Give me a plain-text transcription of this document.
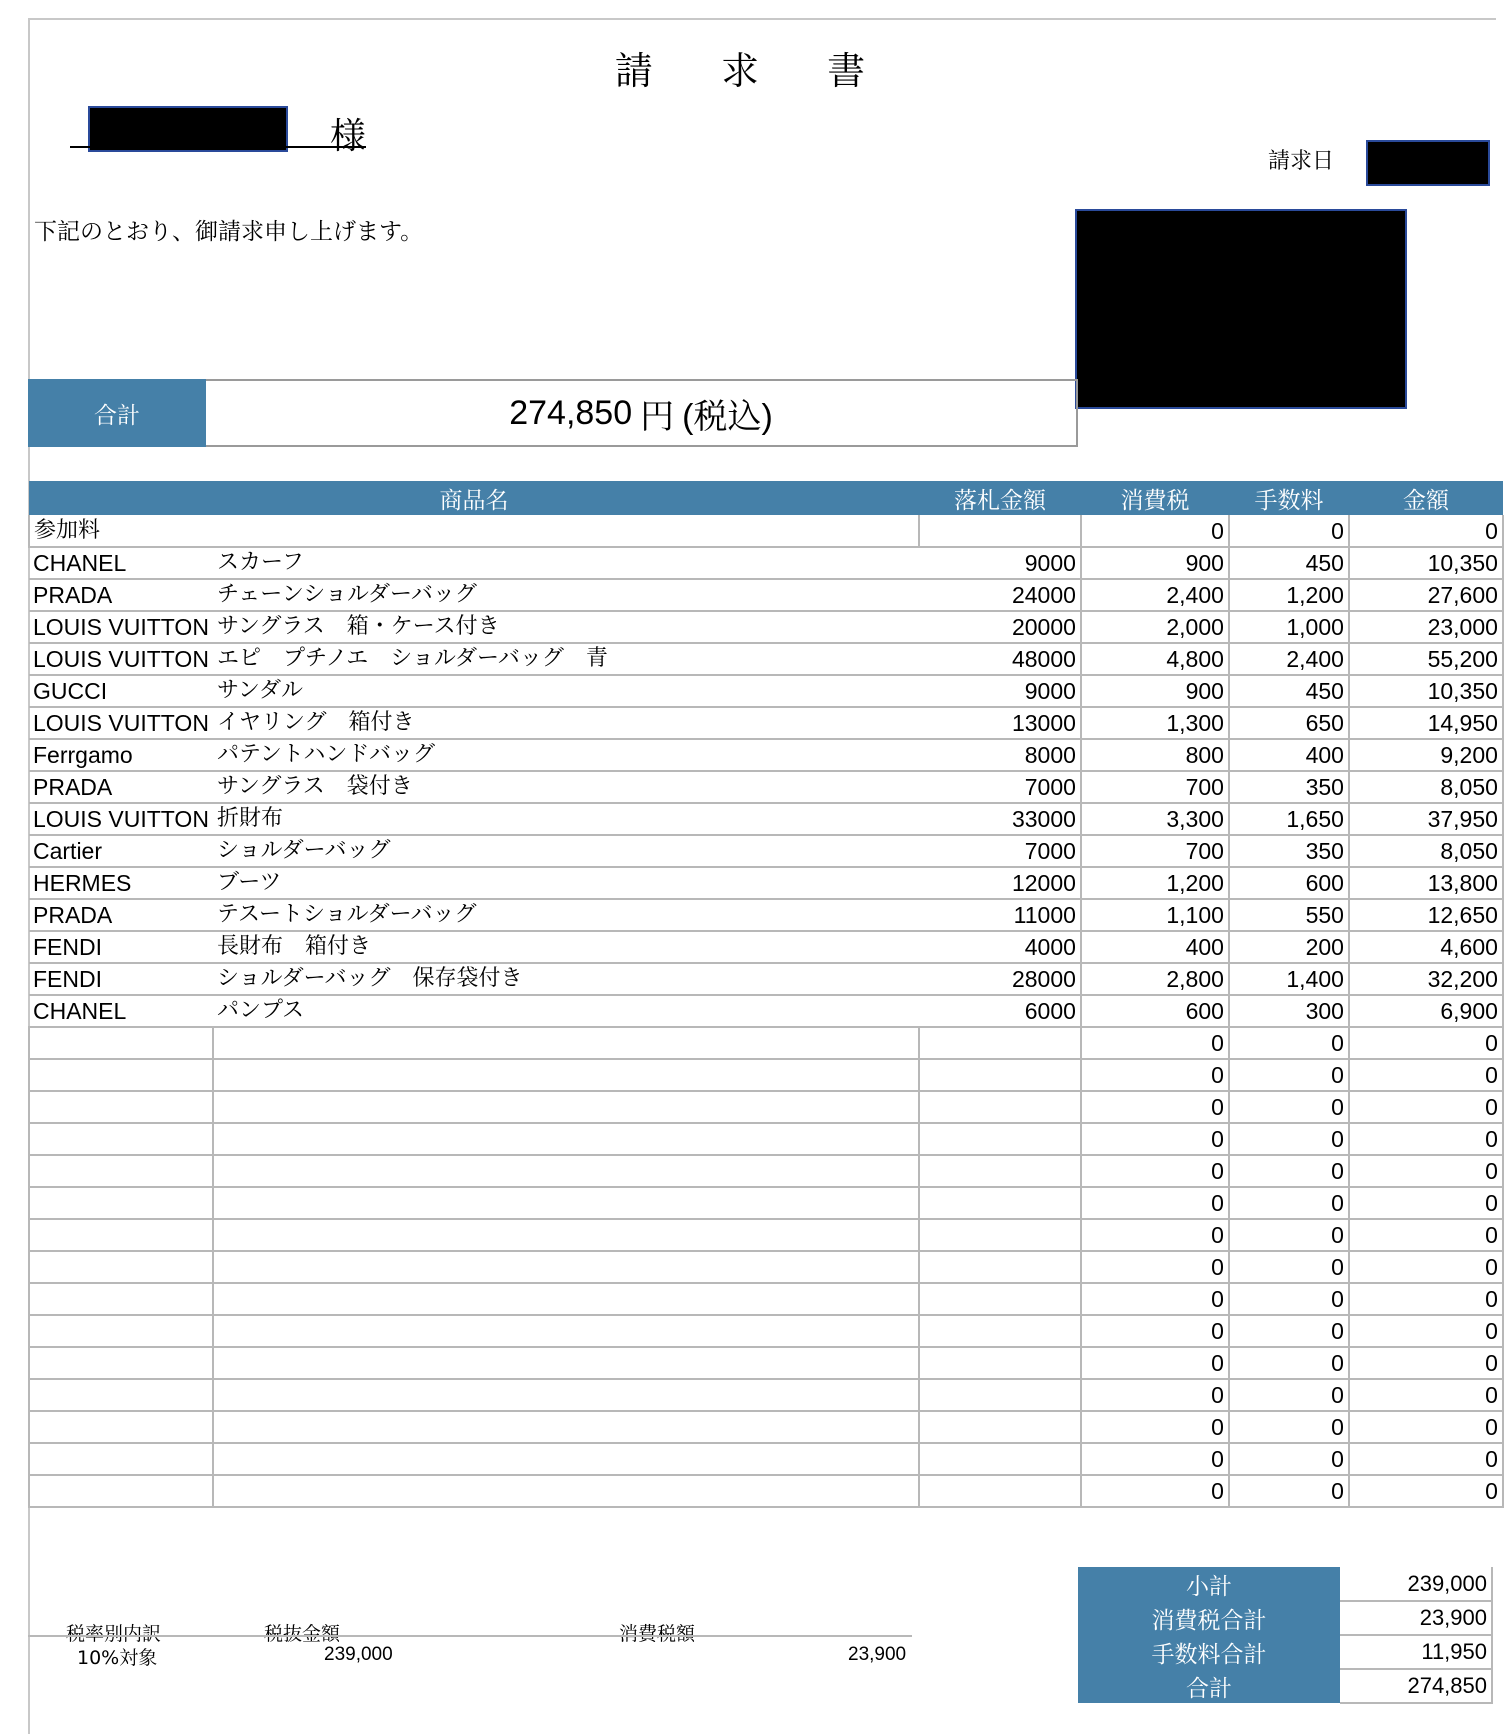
請 求 書
様
請求日
下記のとおり、御請求申し上げます。
合計	274,850 円 (税込)
商品名		落札金額	消費税	手数料	金額
参加料			0	0	0
CHANEL	スカーフ	9000	900	450	10,350
PRADA	チェーンショルダーバッグ	24000	2,400	1,200	27,600
LOUIS VUITTON	サングラス　箱・ケース付き	20000	2,000	1,000	23,000
LOUIS VUITTON	エピ　プチノエ　ショルダーバッグ　青	48000	4,800	2,400	55,200
GUCCI	サンダル	9000	900	450	10,350
LOUIS VUITTON	イヤリング　箱付き	13000	1,300	650	14,950
Ferrgamo	パテントハンドバッグ	8000	800	400	9,200
PRADA	サングラス　袋付き	7000	700	350	8,050
LOUIS VUITTON	折財布	33000	3,300	1,650	37,950
Cartier	ショルダーバッグ	7000	700	350	8,050
HERMES	ブーツ	12000	1,200	600	13,800
PRADA	テスートショルダーバッグ	11000	1,100	550	12,650
FENDI	長財布　箱付き	4000	400	200	4,600
FENDI	ショルダーバッグ　保存袋付き	28000	2,800	1,400	32,200
CHANEL	パンプス	6000	600	300	6,900
			0	0	0
			0	0	0
			0	0	0
			0	0	0
			0	0	0
			0	0	0
			0	0	0
			0	0	0
			0	0	0
			0	0	0
			0	0	0
			0	0	0
			0	0	0
			0	0	0
			0	0	0
税率別内訳	税抜金額	消費税額
10%対象	239,000	23,900
小計	239,000
消費税合計	23,900
手数料合計	11,950
合計	274,850
